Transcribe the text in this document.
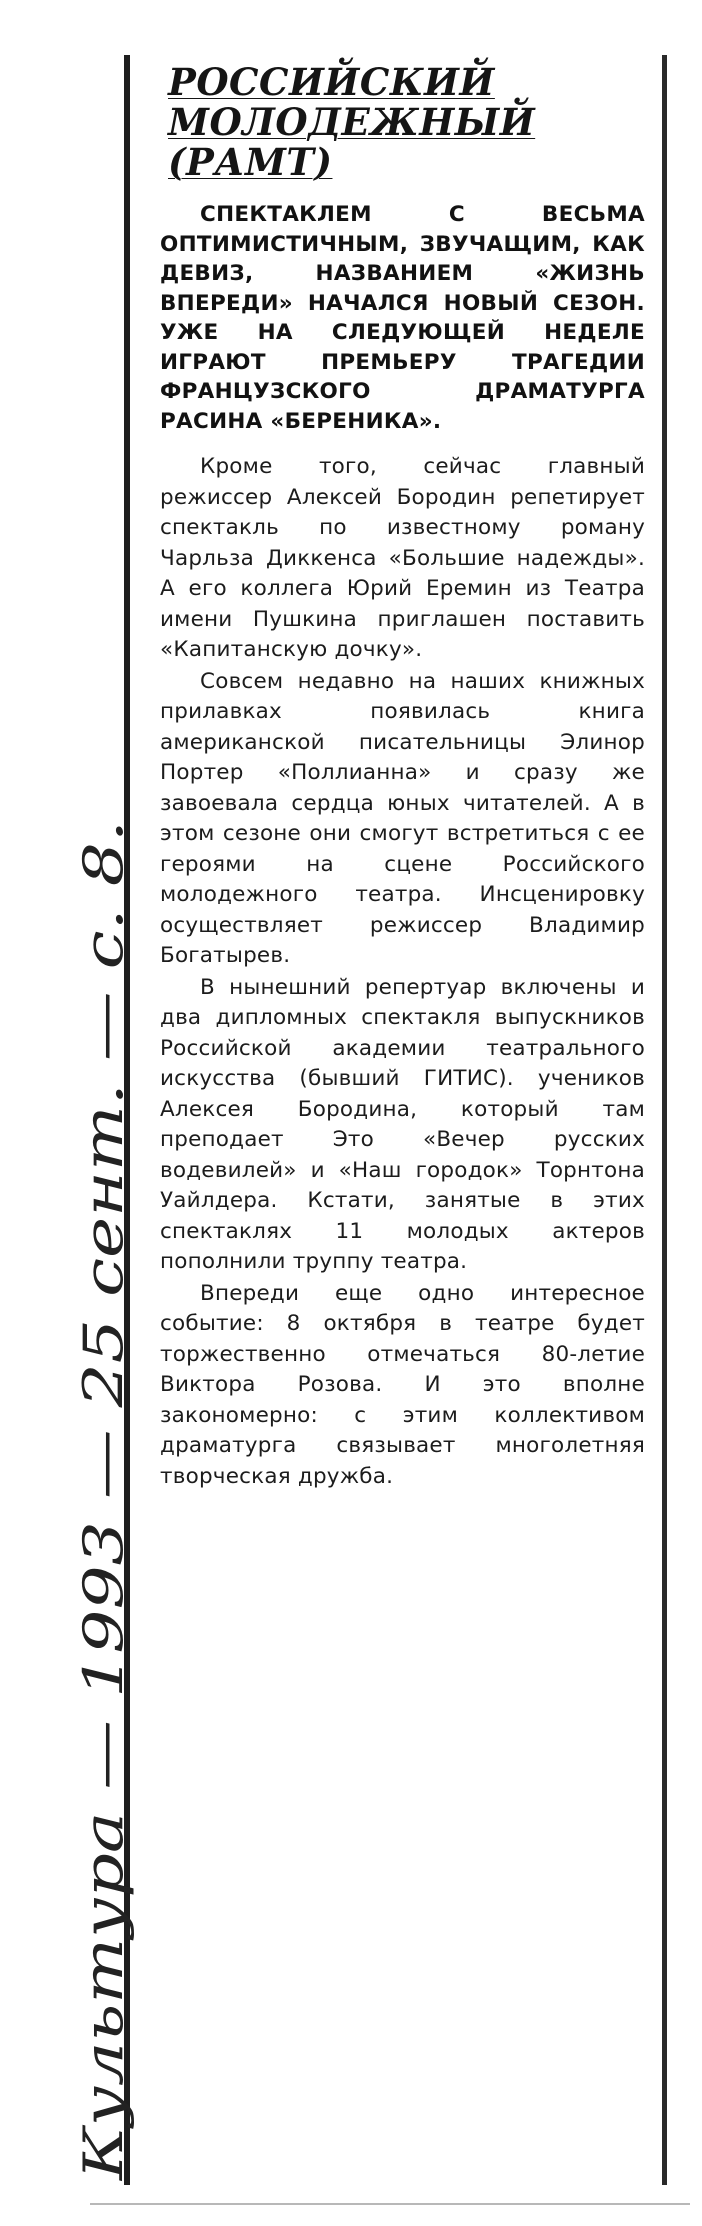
Культура — 1993 — 25 сент. — с. 8.
РОССИЙСКИЙ
МОЛОДЕЖНЫЙ
(РАМТ)

СПЕКТАКЛЕМ С ВЕСЬМА ОПТИМИСТИЧНЫМ, ЗВУЧАЩИМ, КАК ДЕВИЗ, НАЗВАНИЕМ «ЖИЗНЬ ВПЕРЕДИ» НАЧАЛСЯ НОВЫЙ СЕЗОН. УЖЕ НА СЛЕДУЮЩЕЙ НЕДЕЛЕ ИГРАЮТ ПРЕМЬЕРУ ТРАГЕДИИ ФРАНЦУЗСКОГО ДРАМАТУРГА РАСИНА «БЕРЕНИКА».

Кроме того, сейчас главный режиссер Алексей Бородин репетирует спектакль по известному роману Чарльза Диккенса «Большие надежды». А его коллега Юрий Еремин из Театра имени Пушкина приглашен поставить «Капитанскую дочку».

Совсем недавно на наших книжных прилавках появилась книга американской писательницы Элинор Портер «Поллианна» и сразу же завоевала сердца юных читателей. А в этом сезоне они смогут встретиться с ее героями на сцене Российского молодежного театра. Инсценировку осуществляет режиссер Владимир Богатырев.

В нынешний репертуар включены и два дипломных спектакля выпускников Российской академии театрального искусства (бывший ГИТИС). учеников Алексея Бородина, который там преподает Это «Вечер русских водевилей» и «Наш городок» Торнтона Уайлдера. Кстати, занятые в этих спектаклях 11 молодых актеров пополнили труппу театра.

Впереди еще одно интересное событие: 8 октября в театре будет торжественно отмечаться 80-летие Виктора Розова. И это вполне закономерно: с этим коллективом драматурга связывает многолетняя творческая дружба.
